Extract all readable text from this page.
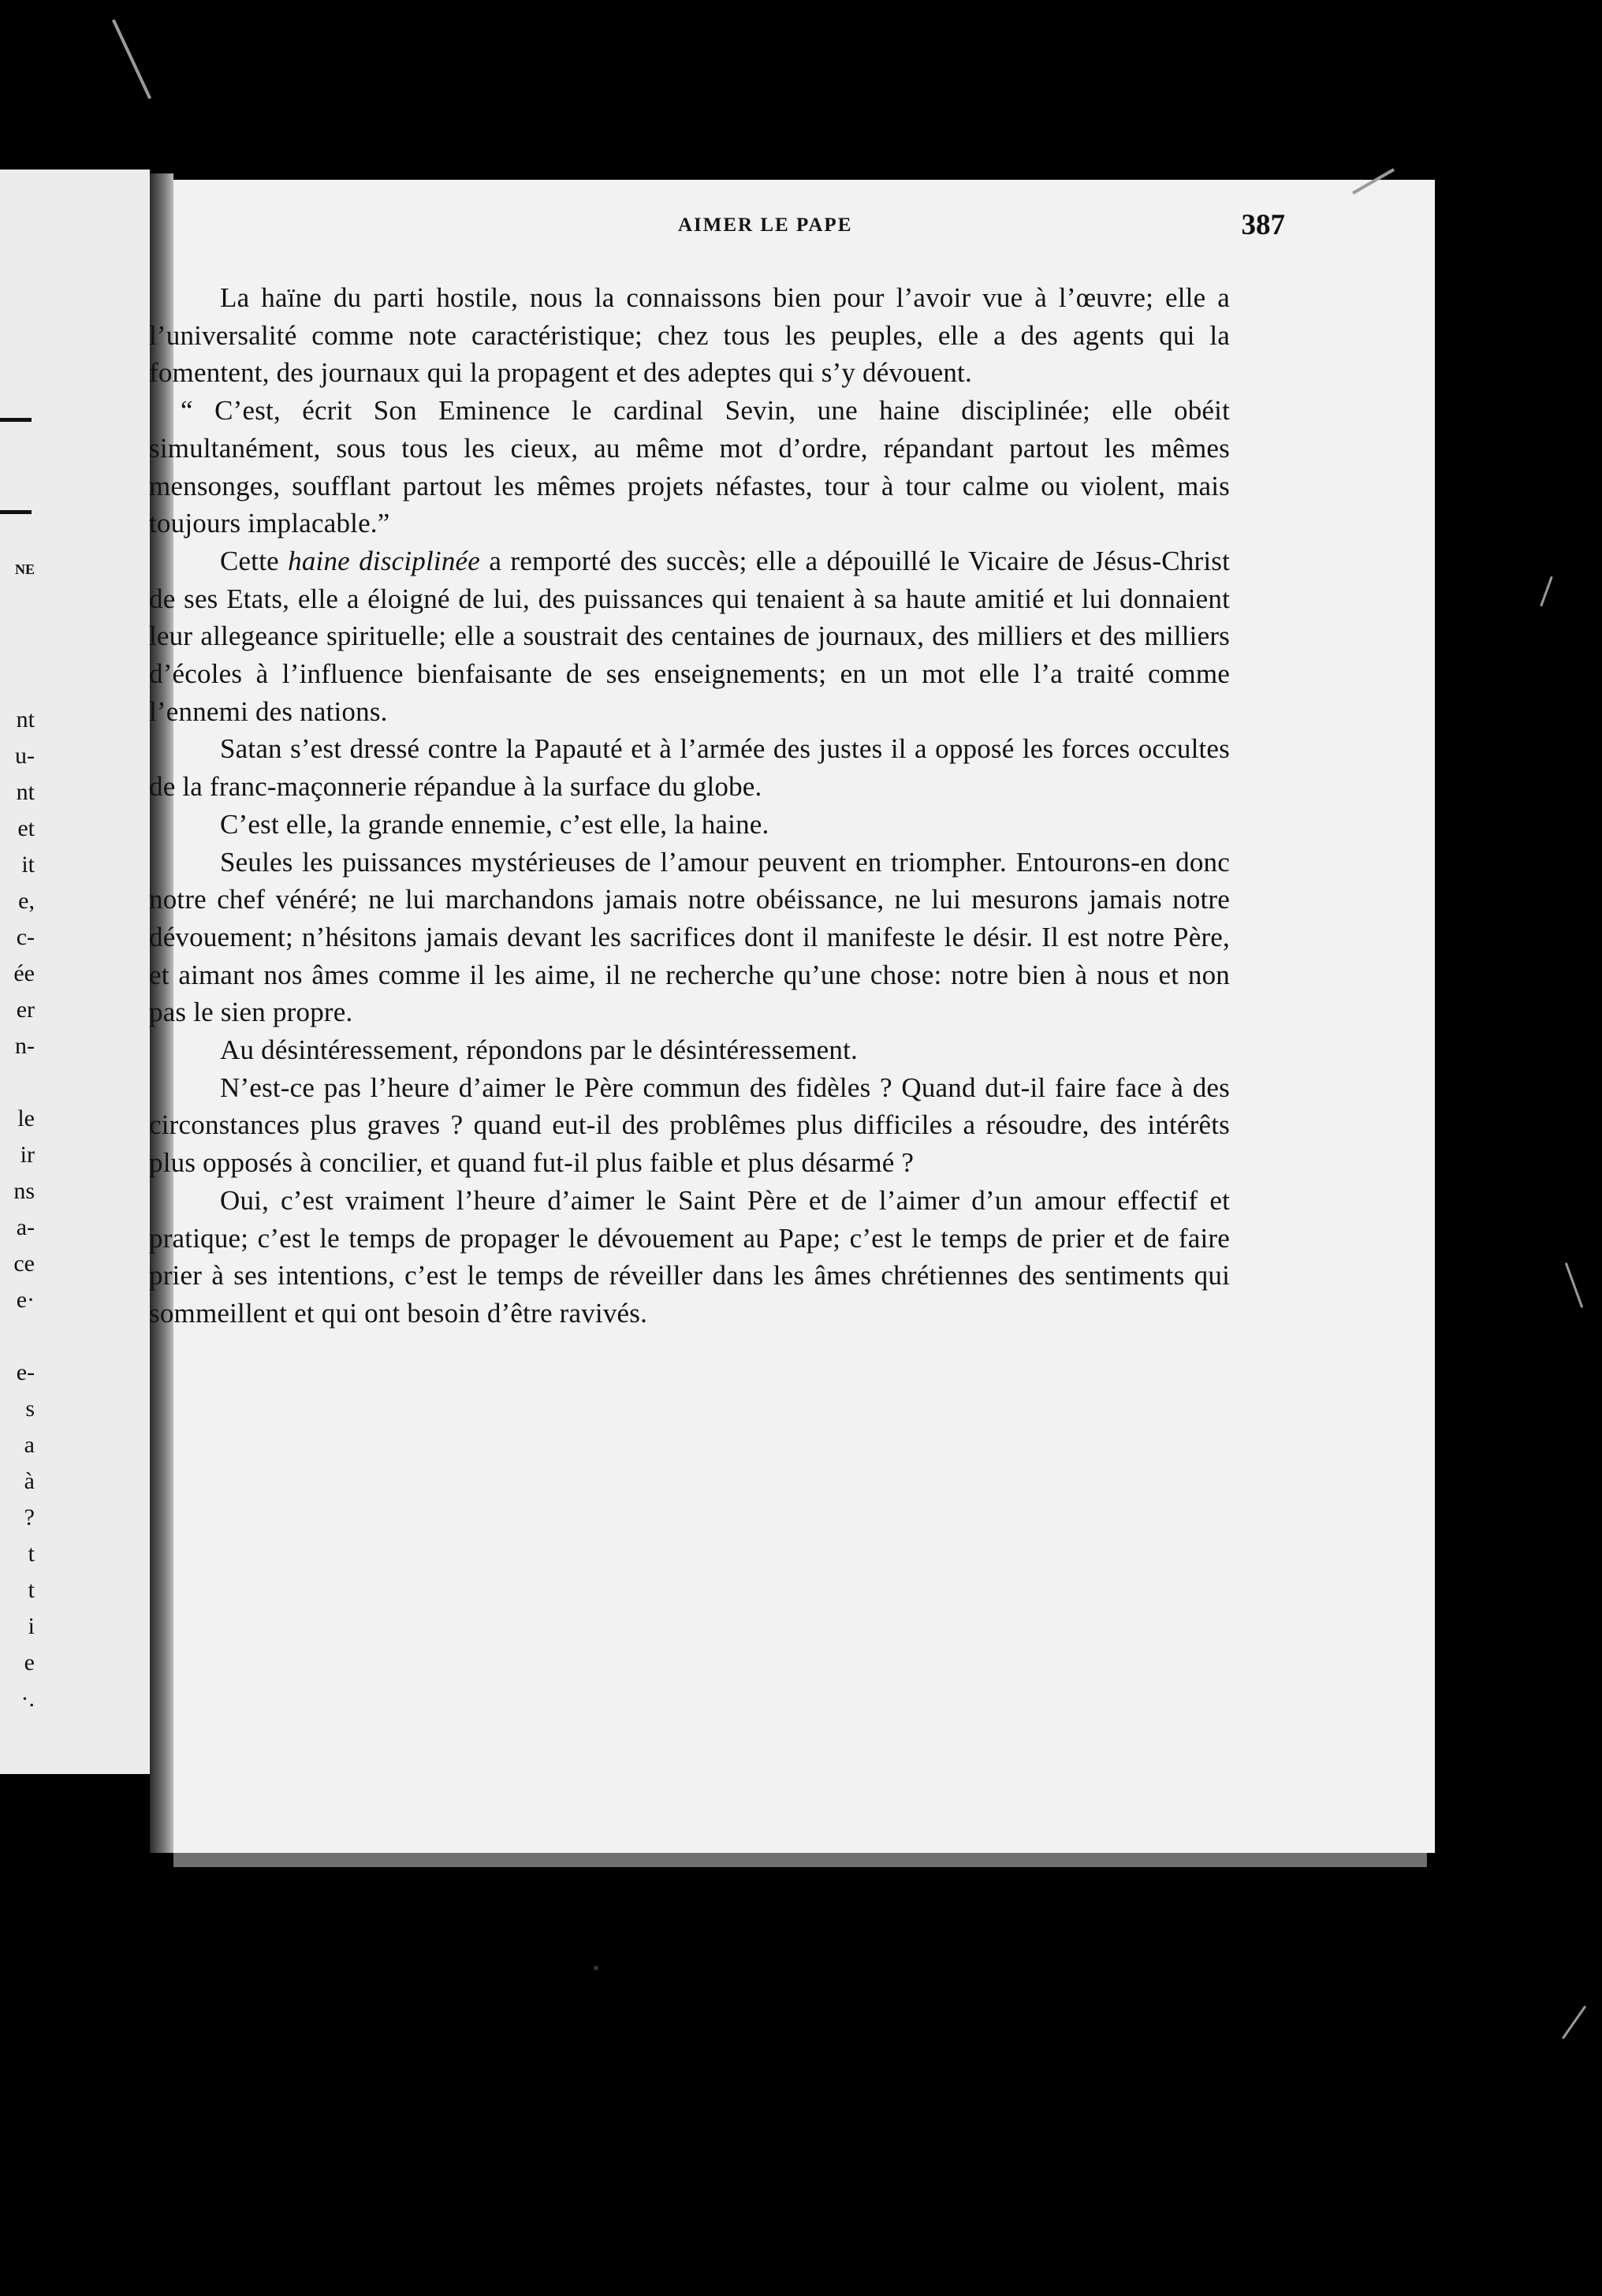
NE
nt
u-
nt
et
it
e,
c-
ée
er
n-
le
ir
ns
a-
ce
e·
e-
s
a
à
?
t
t
i
e
·.
AIMER LE PAPE	387

La haïne du parti hostile, nous la connaissons bien pour l’avoir vue à l’œuvre; elle a l’universalité comme note caractéristique; chez tous les peuples, elle a des agents qui la fomentent, des journaux qui la propagent et des adeptes qui s’y dévouent.

“ C’est, écrit Son Eminence le cardinal Sevin, une haine disciplinée; elle obéit simultanément, sous tous les cieux, au même mot d’ordre, répandant partout les mêmes mensonges, soufflant partout les mêmes projets néfastes, tour à tour calme ou violent, mais toujours implacable.”

Cette haine disciplinée a remporté des succès; elle a dépouillé le Vicaire de Jésus-Christ de ses Etats, elle a éloigné de lui, des puissances qui tenaient à sa haute amitié et lui donnaient leur allegeance spirituelle; elle a soustrait des centaines de journaux, des milliers et des milliers d’écoles à l’influence bienfaisante de ses enseignements; en un mot elle l’a traité comme l’ennemi des nations.

Satan s’est dressé contre la Papauté et à l’armée des justes il a opposé les forces occultes de la franc-maçonnerie répandue à la surface du globe.

C’est elle, la grande ennemie, c’est elle, la haine.

Seules les puissances mystérieuses de l’amour peuvent en triompher. Entourons-en donc notre chef vénéré; ne lui marchandons jamais notre obéissance, ne lui mesurons jamais notre dévouement; n’hésitons jamais devant les sacrifices dont il manifeste le désir. Il est notre Père, et aimant nos âmes comme il les aime, il ne recherche qu’une chose: notre bien à nous et non pas le sien propre.

Au désintéressement, répondons par le désintéressement.

N’est-ce pas l’heure d’aimer le Père commun des fidèles ? Quand dut-il faire face à des circonstances plus graves ? quand eut-il des problêmes plus difficiles a résoudre, des intérêts plus opposés à concilier, et quand fut-il plus faible et plus désarmé ?

Oui, c’est vraiment l’heure d’aimer le Saint Père et de l’aimer d’un amour effectif et pratique; c’est le temps de propager le dévouement au Pape; c’est le temps de prier et de faire prier à ses intentions, c’est le temps de réveiller dans les âmes chrétiennes des sentiments qui sommeillent et qui ont besoin d’être ravivés.
